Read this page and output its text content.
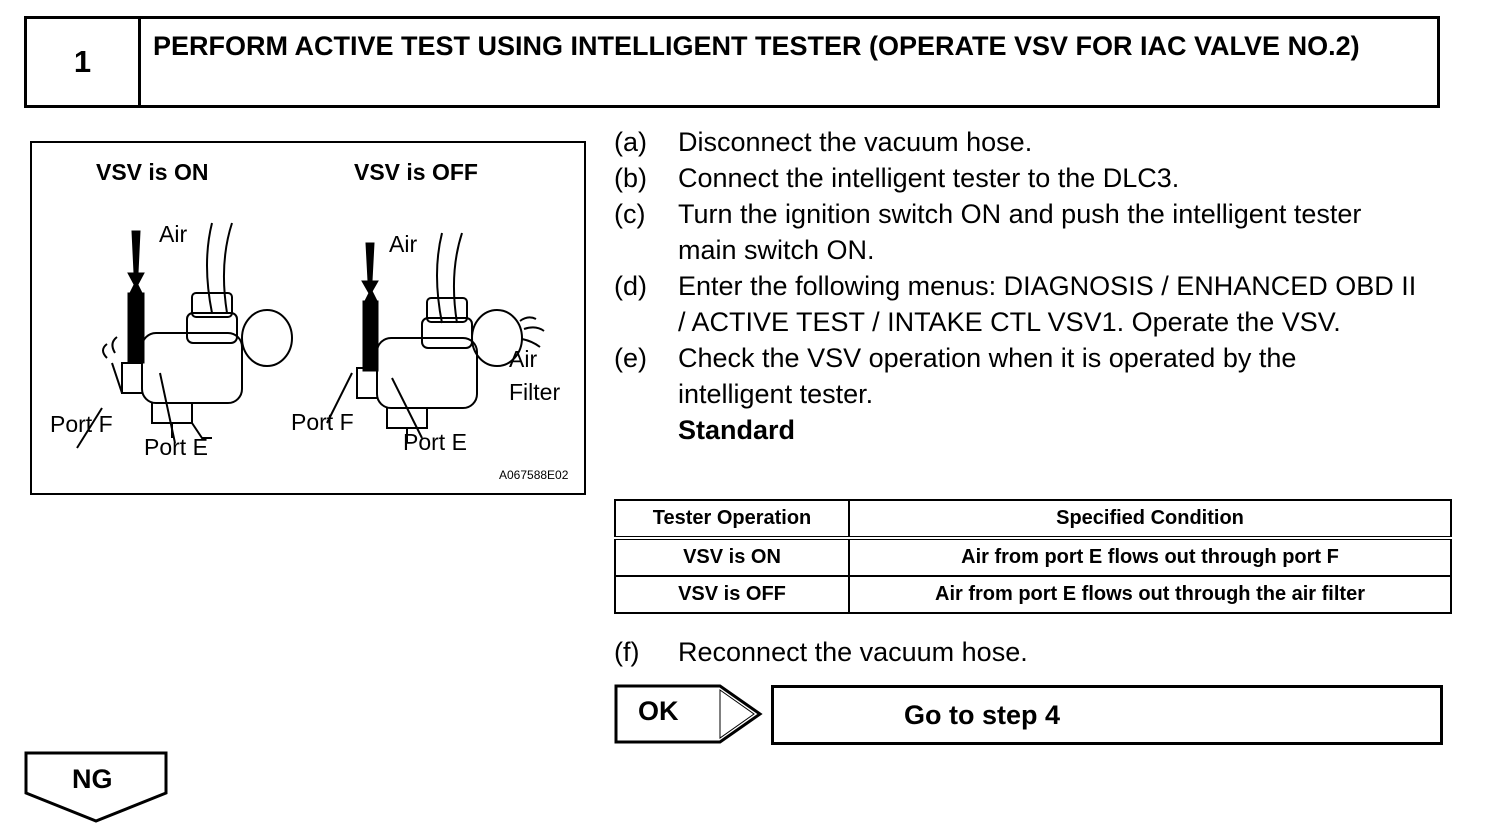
1	PERFORM ACTIVE TEST USING INTELLIGENT TESTER (OPERATE VSV FOR IAC VALVE NO.2)
VSV is ON	VSV is OFF
Air	Air
Air
Filter
Port F
Port E
Port F
Port E
A067588E02
(a)	Disconnect the vacuum hose.
(b)	Connect the intelligent tester to the DLC3.
(c)	Turn the ignition switch ON and push the intelligent tester main switch ON.
(d)	Enter the following menus: DIAGNOSIS / ENHANCED OBD II / ACTIVE TEST / INTAKE CTL VSV1. Operate the VSV.
(e)	Check the VSV operation when it is operated by the intelligent tester.
Standard
Tester Operation	Specified Condition
VSV is ON	Air from port E flows out through port F
VSV is OFF	Air from port E flows out through the air filter
(f)	Reconnect the vacuum hose.
OK	Go to step 4
NG
